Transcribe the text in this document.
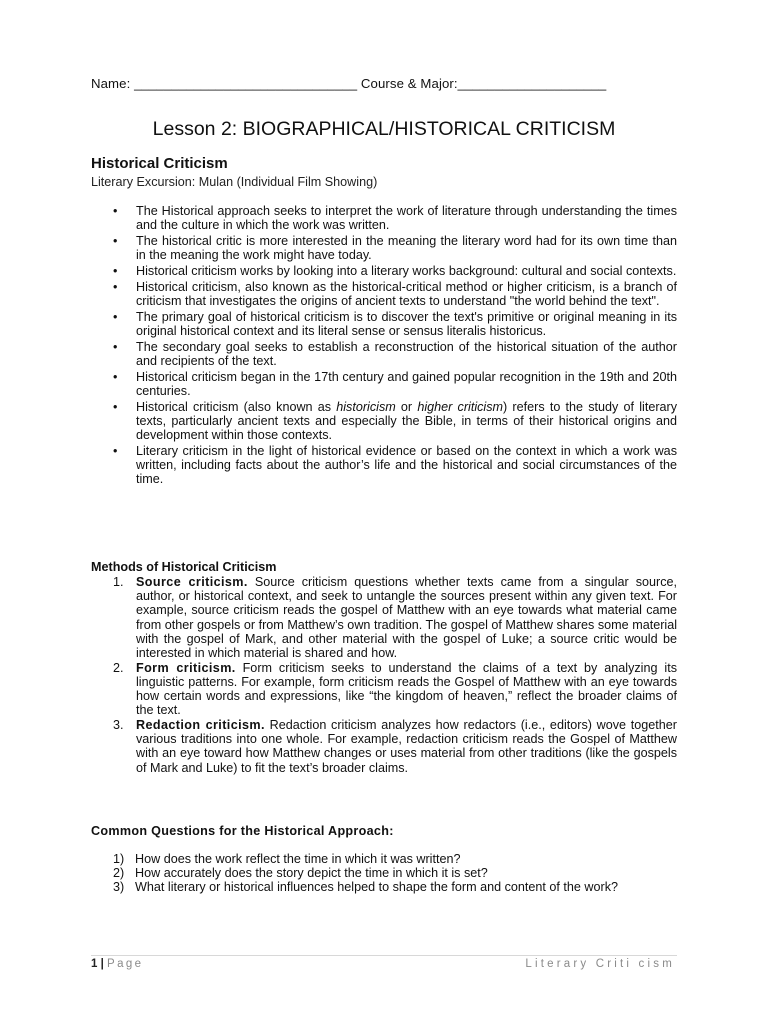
Name: ______________________________ Course & Major:____________________
Lesson 2: BIOGRAPHICAL/HISTORICAL CRITICISM
Historical Criticism
Literary Excursion: Mulan (Individual Film Showing)
• The Historical approach seeks to interpret the work of literature through understanding the times and the culture in which the work was written.
• The historical critic is more interested in the meaning the literary word had for its own time than in the meaning the work might have today.
• Historical criticism works by looking into a literary works background: cultural and social contexts.
• Historical criticism, also known as the historical-critical method or higher criticism, is a branch of criticism that investigates the origins of ancient texts to understand "the world behind the text".
• The primary goal of historical criticism is to discover the text's primitive or original meaning in its original historical context and its literal sense or sensus literalis historicus.
• The secondary goal seeks to establish a reconstruction of the historical situation of the author and recipients of the text.
• Historical criticism began in the 17th century and gained popular recognition in the 19th and 20th centuries.
• Historical criticism (also known as historicism or higher criticism) refers to the study of literary texts, particularly ancient texts and especially the Bible, in terms of their historical origins and development within those contexts.
• Literary criticism in the light of historical evidence or based on the context in which a work was written, including facts about the author’s life and the historical and social circumstances of the time.
Methods of Historical Criticism
1. Source criticism. Source criticism questions whether texts came from a singular source, author, or historical context, and seek to untangle the sources present within any given text. For example, source criticism reads the gospel of Matthew with an eye towards what material came from other gospels or from Matthew’s own tradition. The gospel of Matthew shares some material with the gospel of Mark, and other material with the gospel of Luke; a source critic would be interested in which material is shared and how.
2. Form criticism. Form criticism seeks to understand the claims of a text by analyzing its linguistic patterns. For example, form criticism reads the Gospel of Matthew with an eye towards how certain words and expressions, like “the kingdom of heaven,” reflect the broader claims of the text.
3. Redaction criticism. Redaction criticism analyzes how redactors (i.e., editors) wove together various traditions into one whole. For example, redaction criticism reads the Gospel of Matthew with an eye toward how Matthew changes or uses material from other traditions (like the gospels of Mark and Luke) to fit the text’s broader claims.
Common Questions for the Historical Approach:
1) How does the work reflect the time in which it was written?
2) How accurately does the story depict the time in which it is set?
3) What literary or historical influences helped to shape the form and content of the work?
1 | Page	Literary Criti cism
